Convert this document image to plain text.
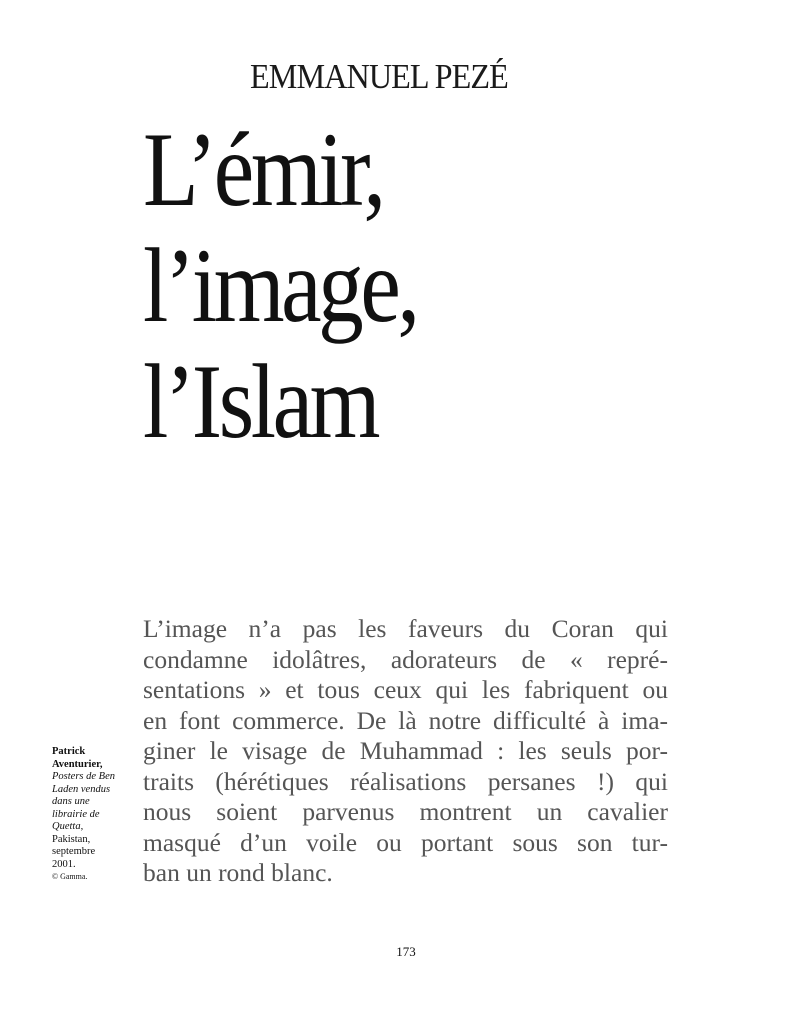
EMMANUEL PEZÉ
L’émir,
l’image,
l’Islam
L’image n’a pas les faveurs du Coran qui
condamne idolâtres, adorateurs de « repré-
sentations » et tous ceux qui les fabriquent ou
en font commerce. De là notre difficulté à ima-
giner le visage de Muhammad : les seuls por-
traits (hérétiques réalisations persanes !) qui
nous soient parvenus montrent un cavalier
masqué d’un voile ou portant sous son tur-
ban un rond blanc.
Patrick
Aventurier,
Posters de Ben
Laden vendus
dans une
librairie de
Quetta,
Pakistan,
septembre
2001.
© Gamma.
173
